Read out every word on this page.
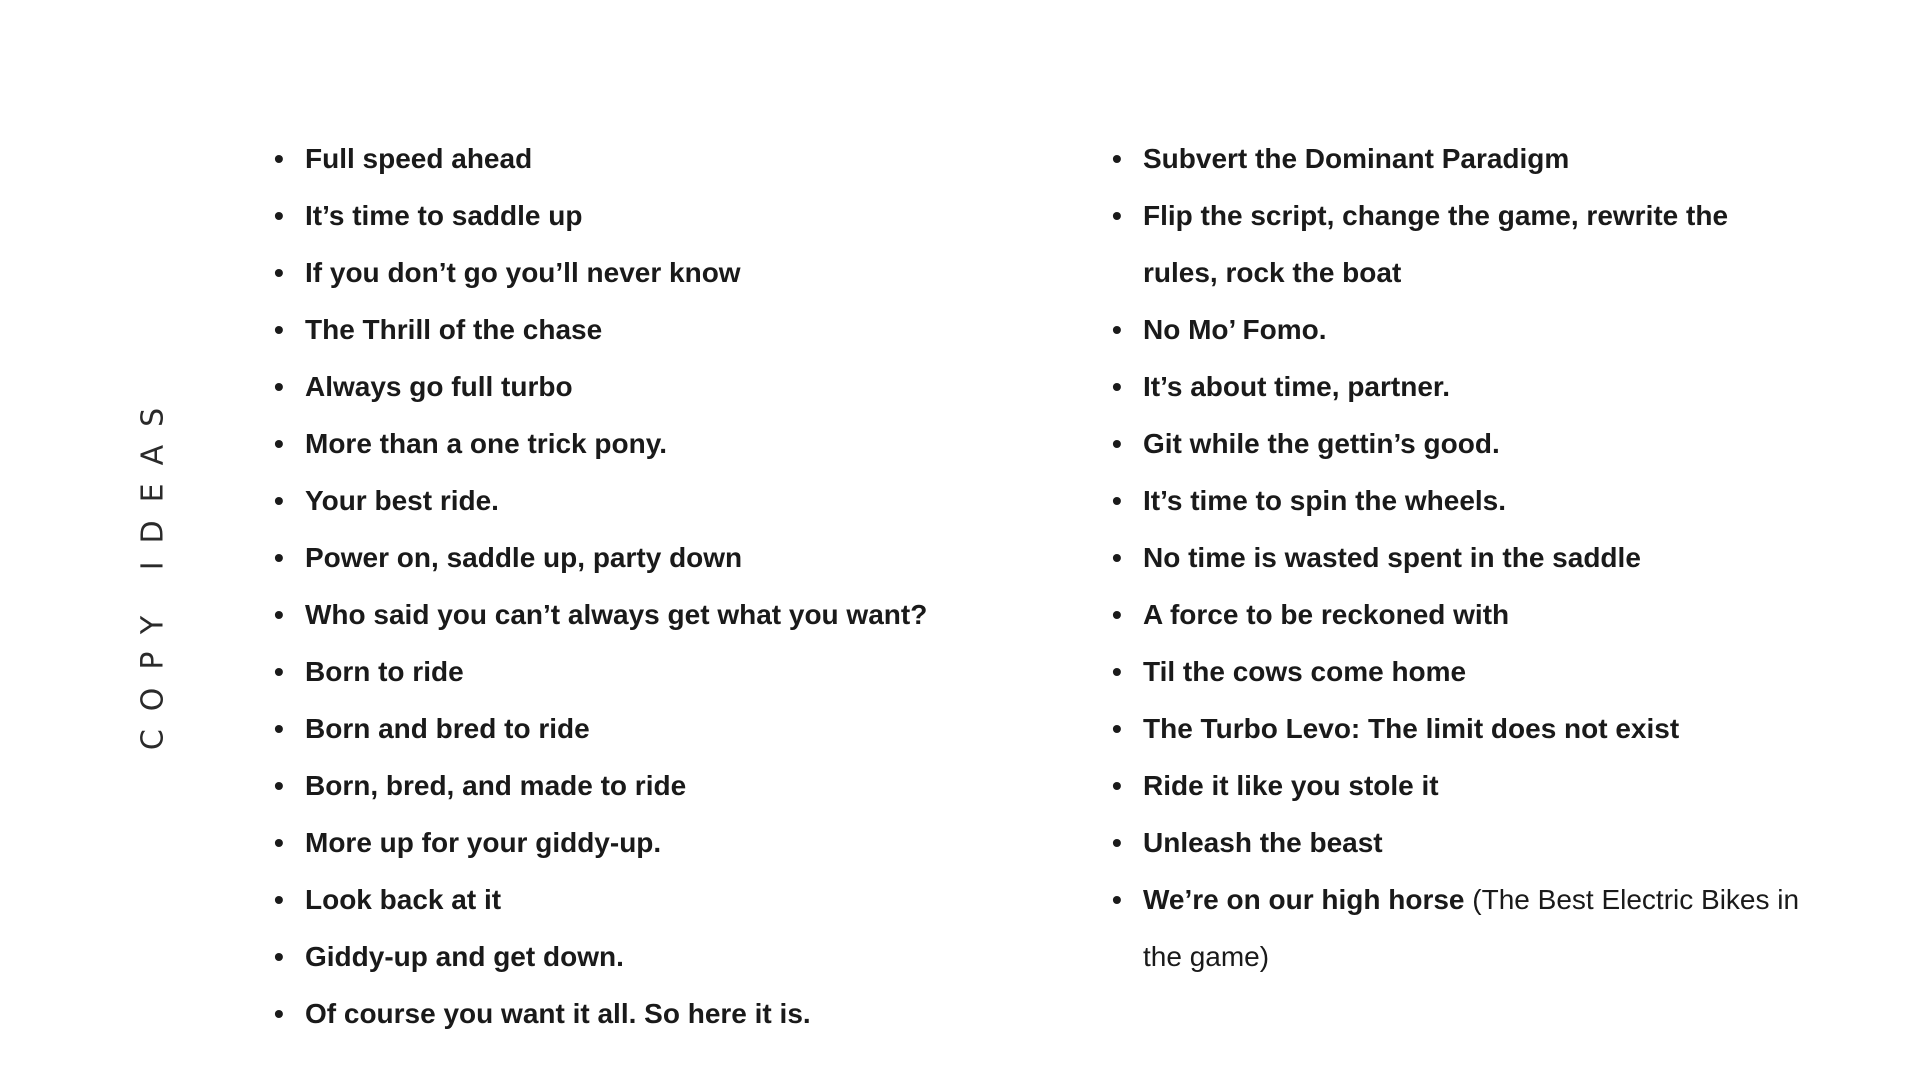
COPY IDEAS
• Full speed ahead
• It’s time to saddle up
• If you don’t go you’ll never know
• The Thrill of the chase
• Always go full turbo
• More than a one trick pony.
• Your best ride.
• Power on, saddle up, party down
• Who said you can’t always get what you want?
• Born to ride
• Born and bred to ride
• Born, bred, and made to ride
• More up for your giddy-up.
• Look back at it
• Giddy-up and get down.
• Of course you want it all. So here it is.
• Subvert the Dominant Paradigm
• Flip the script, change the game, rewrite the rules, rock the boat
• No Mo’ Fomo.
• It’s about time, partner.
• Git while the gettin’s good.
• It’s time to spin the wheels.
• No time is wasted spent in the saddle
• A force to be reckoned with
• Til the cows come home
• The Turbo Levo: The limit does not exist
• Ride it like you stole it
• Unleash the beast
• We’re on our high horse (The Best Electric Bikes in the game)
